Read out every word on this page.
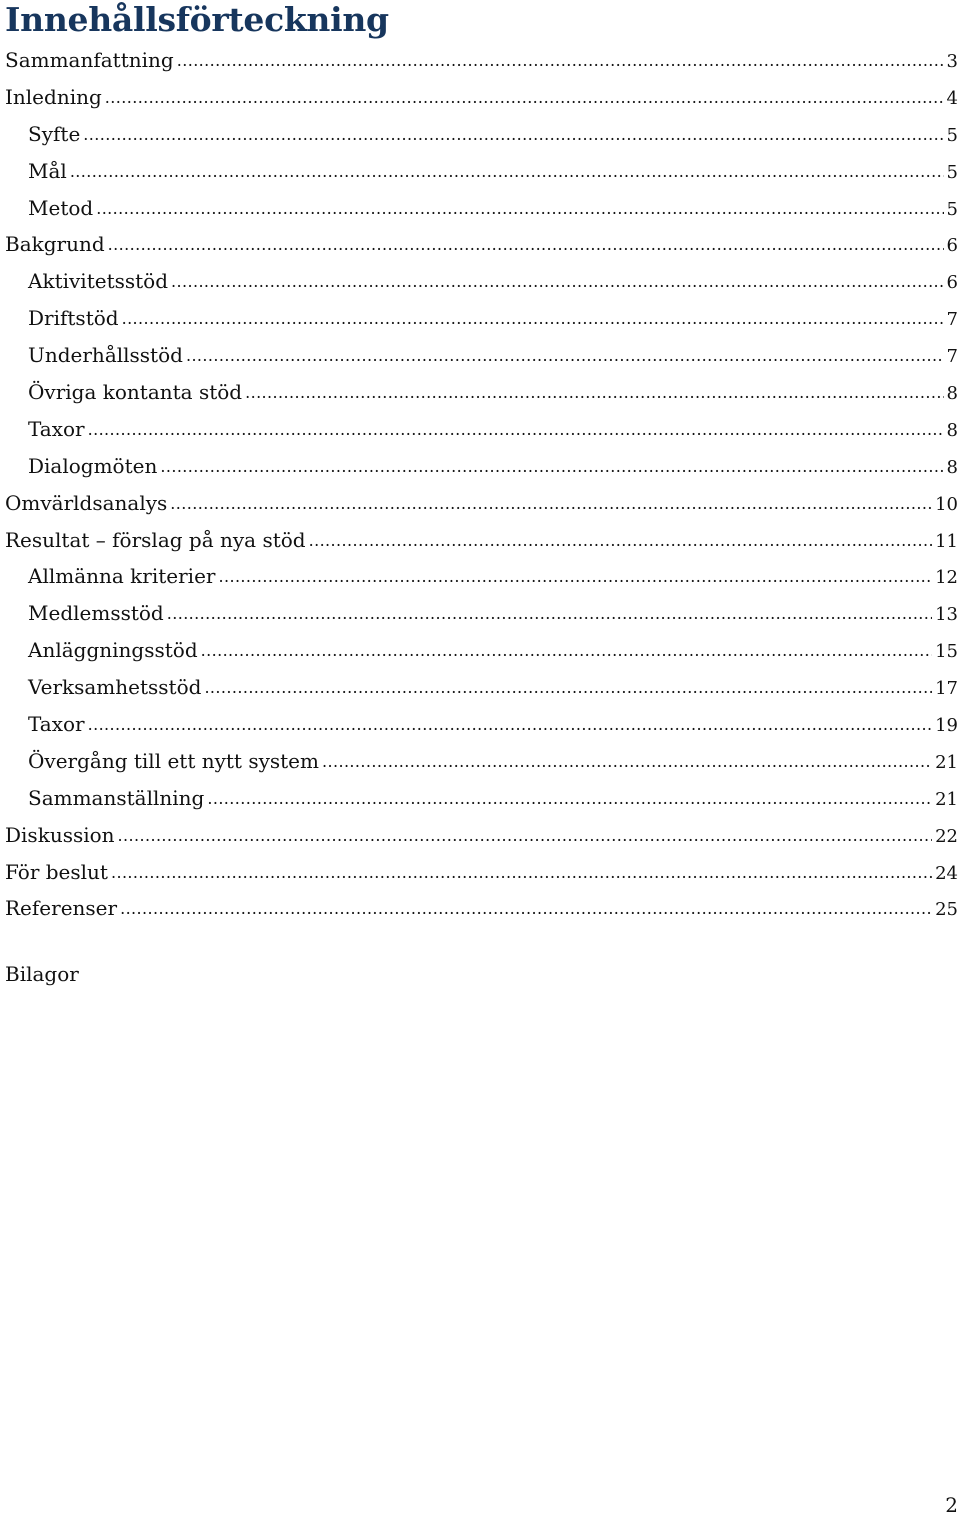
Innehållsförteckning
Sammanfattning .....	3
Inledning .....	4
Syfte .....	5
Mål .....	5
Metod .....	5
Bakgrund .....	6
Aktivitetsstöd .....	6
Driftstöd .....	7
Underhållsstöd .....	7
Övriga kontanta stöd .....	8
Taxor .....	8
Dialogmöten .....	8
Omvärldsanalys .....	10
Resultat – förslag på nya stöd .....	11
Allmänna kriterier .....	12
Medlemsstöd .....	13
Anläggningsstöd .....	15
Verksamhetsstöd .....	17
Taxor .....	19
Övergång till ett nytt system .....	21
Sammanställning .....	21
Diskussion .....	22
För beslut .....	24
Referenser .....	25
Bilagor
2
